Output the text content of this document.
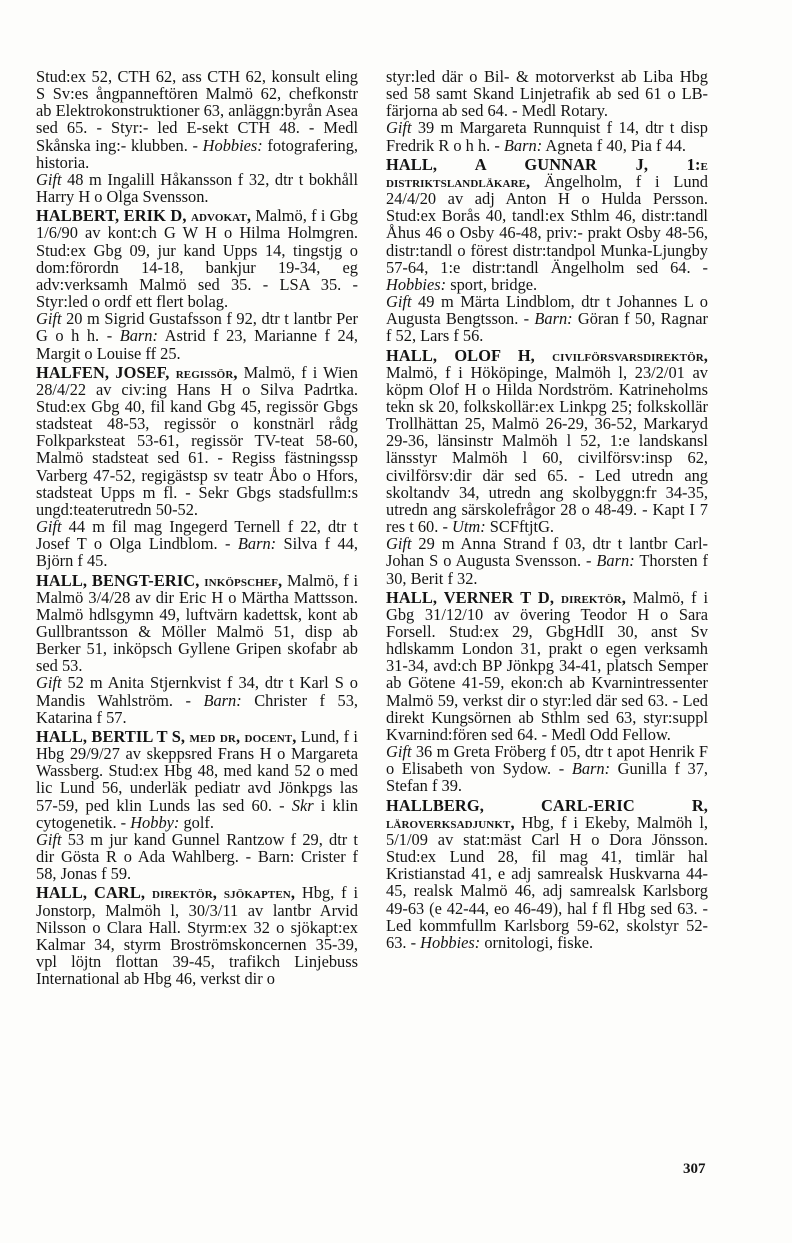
Stud:ex 52, CTH 62, ass CTH 62, konsult eling S Sv:es ångpanneftören Malmö 62, chefkonstr ab Elektrokonstruktioner 63, anläggn:byrån Asea sed 65. - Styr:- led E-sekt CTH 48. - Medl Skånska ing:- klubben. - Hobbies: fotografering, historia.

Gift 48 m Ingalill Håkansson f 32, dtr t bokhåll Harry H o Olga Svensson.

HALBERT, ERIK D, advokat, Malmö, f i Gbg 1/6/90 av kont:ch G W H o Hilma Holmgren. Stud:ex Gbg 09, jur kand Upps 14, tingstjg o dom:förordn 14-18, bankjur 19-34, eg adv:verksamh Malmö sed 35. - LSA 35. - Styr:led o ordf ett flert bolag.

Gift 20 m Sigrid Gustafsson f 92, dtr t lantbr Per G o h h. - Barn: Astrid f 23, Marianne f 24, Margit o Louise ff 25.

HALFEN, JOSEF, regissör, Malmö, f i Wien 28/4/22 av civ:ing Hans H o Silva Padrtka. Stud:ex Gbg 40, fil kand Gbg 45, regissör Gbgs stadsteat 48-53, regissör o konstnärl rådg Folkparksteat 53-61, regissör TV-teat 58-60, Malmö stadsteat sed 61. - Regiss fästningssp Varberg 47-52, regigästsp sv teatr Åbo o Hfors, stadsteat Upps m fl. - Sekr Gbgs stadsfullm:s ungd:teaterutredn 50-52.

Gift 44 m fil mag Ingegerd Ternell f 22, dtr t Josef T o Olga Lindblom. - Barn: Silva f 44, Björn f 45.

HALL, BENGT-ERIC, inköpschef, Malmö, f i Malmö 3/4/28 av dir Eric H o Märtha Mattsson. Malmö hdlsgymn 49, luftvärn kadettsk, kont ab Gullbrantsson & Möller Malmö 51, disp ab Berker 51, inköpsch Gyllene Gripen skofabr ab sed 53.

Gift 52 m Anita Stjernkvist f 34, dtr t Karl S o Mandis Wahlström. - Barn: Christer f 53, Katarina f 57.

HALL, BERTIL T S, med dr, docent, Lund, f i Hbg 29/9/27 av skeppsred Frans H o Margareta Wassberg. Stud:ex Hbg 48, med kand 52 o med lic Lund 56, underläk pediatr avd Jönkpgs las 57-59, ped klin Lunds las sed 60. - Skr i klin cytogenetik. - Hobby: golf.

Gift 53 m jur kand Gunnel Rantzow f 29, dtr t dir Gösta R o Ada Wahlberg. - Barn: Crister f 58, Jonas f 59.

HALL, CARL, direktör, sjökapten, Hbg, f i Jonstorp, Malmöh l, 30/3/11 av lantbr Arvid Nilsson o Clara Hall. Styrm:ex 32 o sjökapt:ex Kalmar 34, styrm Broströmskoncernen 35-39, vpl löjtn flottan 39-45, trafikch Linjebuss International ab Hbg 46, verkst dir o

styr:led där o Bil- & motorverkst ab Liba Hbg sed 58 samt Skand Linjetrafik ab sed 61 o LB-färjorna ab sed 64. - Medl Rotary.

Gift 39 m Margareta Runnquist f 14, dtr t disp Fredrik R o h h. - Barn: Agneta f 40, Pia f 44.

HALL, A GUNNAR J, 1:e distriktslandläkare, Ängelholm, f i Lund 24/4/20 av adj Anton H o Hulda Persson. Stud:ex Borås 40, tandl:ex Sthlm 46, distr:tandl Åhus 46 o Osby 46-48, priv:- prakt Osby 48-56, distr:tandl o förest distr:tandpol Munka-Ljungby 57-64, 1:e distr:tandl Ängelholm sed 64. - Hobbies: sport, bridge.

Gift 49 m Märta Lindblom, dtr t Johannes L o Augusta Bengtsson. - Barn: Göran f 50, Ragnar f 52, Lars f 56.

HALL, OLOF H, civilförsvarsdirektör, Malmö, f i Hököpinge, Malmöh l, 23/2/01 av köpm Olof H o Hilda Nordström. Katrineholms tekn sk 20, folkskollär:ex Linkpg 25; folkskollär Trollhättan 25, Malmö 26-29, 36-52, Markaryd 29-36, länsinstr Malmöh l 52, 1:e landskansl länsstyr Malmöh l 60, civilförsv:insp 62, civilförsv:dir där sed 65. - Led utredn ang skoltandv 34, utredn ang skolbyggn:fr 34-35, utredn ang särskolefrågor 28 o 48-49. - Kapt I 7 res t 60. - Utm: SCFftjtG.

Gift 29 m Anna Strand f 03, dtr t lantbr Carl-Johan S o Augusta Svensson. - Barn: Thorsten f 30, Berit f 32.

HALL, VERNER T D, direktör, Malmö, f i Gbg 31/12/10 av övering Teodor H o Sara Forsell. Stud:ex 29, GbgHdlI 30, anst Sv hdlskamm London 31, prakt o egen verksamh 31-34, avd:ch BP Jönkpg 34-41, platsch Semper ab Götene 41-59, ekon:ch ab Kvarnintressenter Malmö 59, verkst dir o styr:led där sed 63. - Led direkt Kungsörnen ab Sthlm sed 63, styr:suppl Kvarnind:fören sed 64. - Medl Odd Fellow.

Gift 36 m Greta Fröberg f 05, dtr t apot Henrik F o Elisabeth von Sydow. - Barn: Gunilla f 37, Stefan f 39.

HALLBERG, CARL-ERIC R, läroverksadjunkt, Hbg, f i Ekeby, Malmöh l, 5/1/09 av stat:mäst Carl H o Dora Jönsson. Stud:ex Lund 28, fil mag 41, timlär hal Kristianstad 41, e adj samrealsk Huskvarna 44-45, realsk Malmö 46, adj samrealsk Karlsborg 49-63 (e 42-44, eo 46-49), hal f fl Hbg sed 63. - Led kommfullm Karlsborg 59-62, skolstyr 52-63. - Hobbies: ornitologi, fiske.

307
